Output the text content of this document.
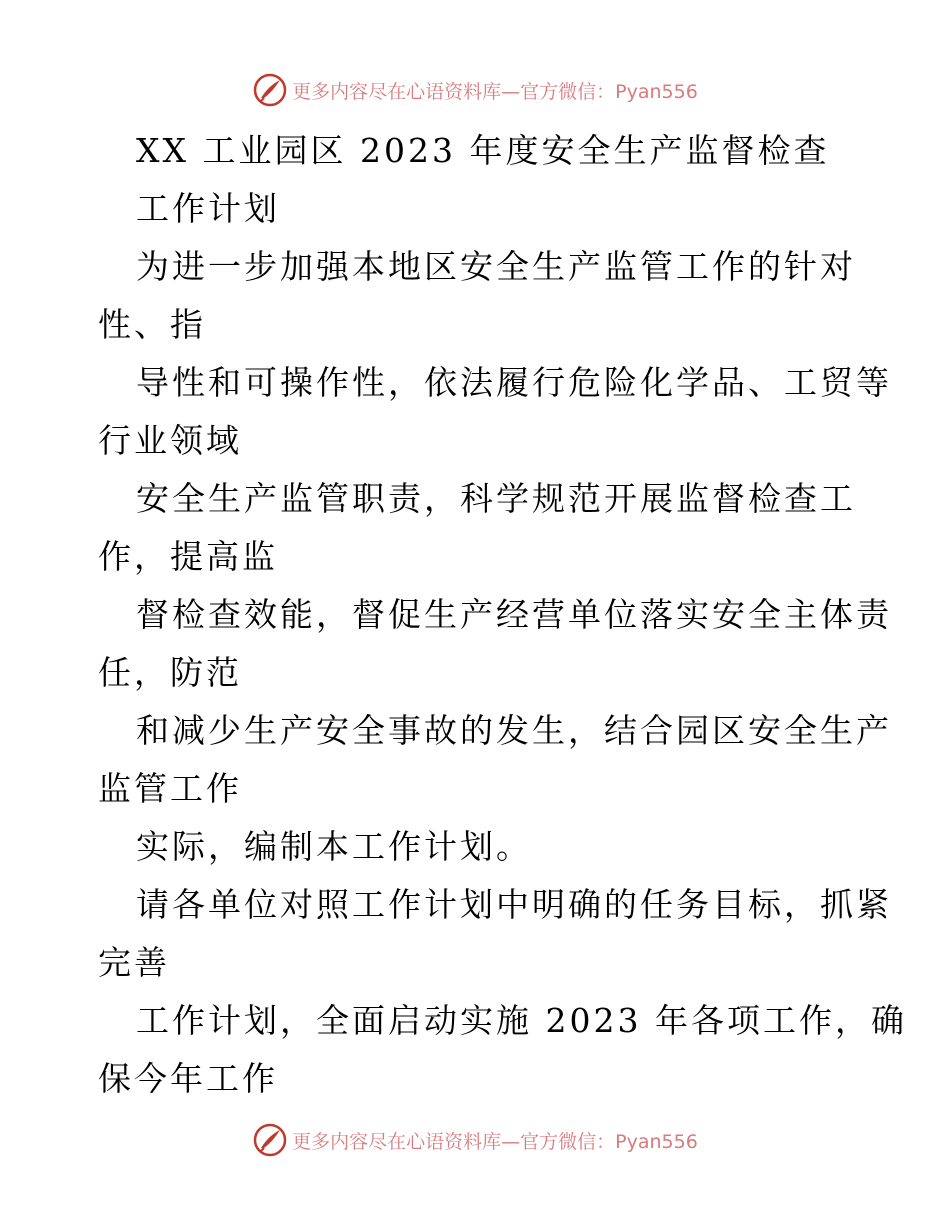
更多内容尽在心语资料库—官方微信：Pyan556
XX 工业园区 2023 年度安全生产监督检查
工作计划
为进一步加强本地区安全生产监管工作的针对
性、指
导性和可操作性，依法履行危险化学品、工贸等
行业领域
安全生产监管职责，科学规范开展监督检查工
作，提高监
督检查效能，督促生产经营单位落实安全主体责
任，防范
和减少生产安全事故的发生，结合园区安全生产
监管工作
实际，编制本工作计划。
请各单位对照工作计划中明确的任务目标，抓紧
完善
工作计划，全面启动实施 2023 年各项工作，确
保今年工作
更多内容尽在心语资料库—官方微信：Pyan556
